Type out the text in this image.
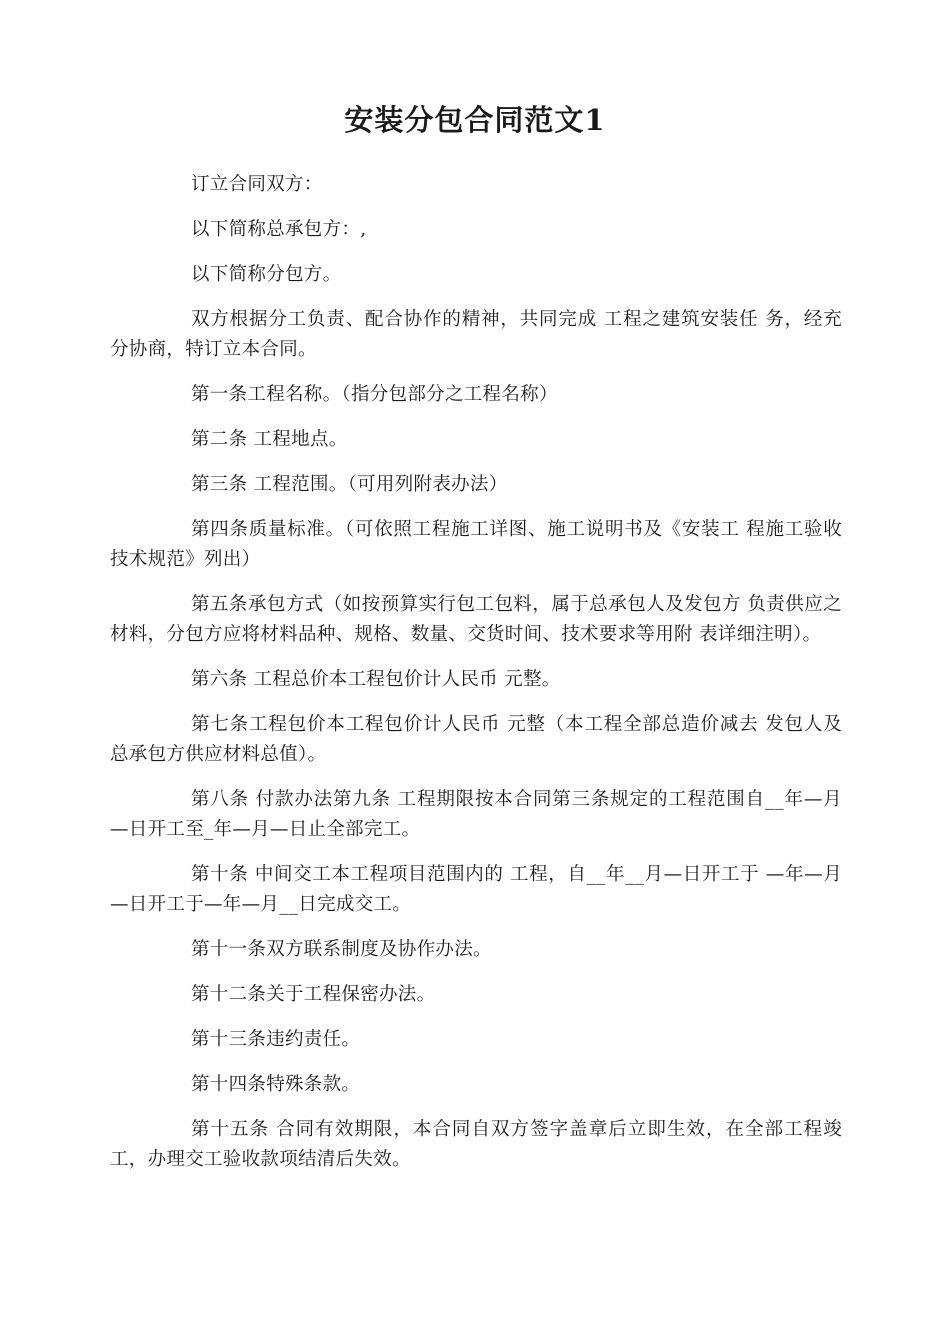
安装分包合同范文1

订立合同双方：

以下简称总承包方：,

以下简称分包方。

双方根据分工负责、配合协作的精神，共同完成 工程之建筑安装任 务，经充分协商，特订立本合同。

第一条工程名称。（指分包部分之工程名称）

第二条 工程地点。

第三条 工程范围。（可用列附表办法）

第四条质量标准。（可依照工程施工详图、施工说明书及《安装工 程施工验收技术规范》列出）

第五条承包方式（如按预算实行包工包料，属于总承包人及发包方 负责供应之材料，分包方应将材料品种、规格、数量、交货时间、技术要求等用附 表详细注明）。

第六条 工程总价本工程包价计人民币 元整。

第七条工程包价本工程包价计人民币 元整（本工程全部总造价减去 发包人及总承包方供应材料总值）。

第八条 付款办法第九条 工程期限按本合同第三条规定的工程范围自__年—月—日开工至_年—月—日止全部完工。

第十条 中间交工本工程项目范围内的 工程，自__年__月—日开工于 —年—月—日开工于—年—月__日完成交工。

第十一条双方联系制度及协作办法。

第十二条关于工程保密办法。

第十三条违约责任。

第十四条特殊条款。

第十五条 合同有效期限，本合同自双方签字盖章后立即生效，在全部工程竣工，办理交工验收款项结清后失效。
